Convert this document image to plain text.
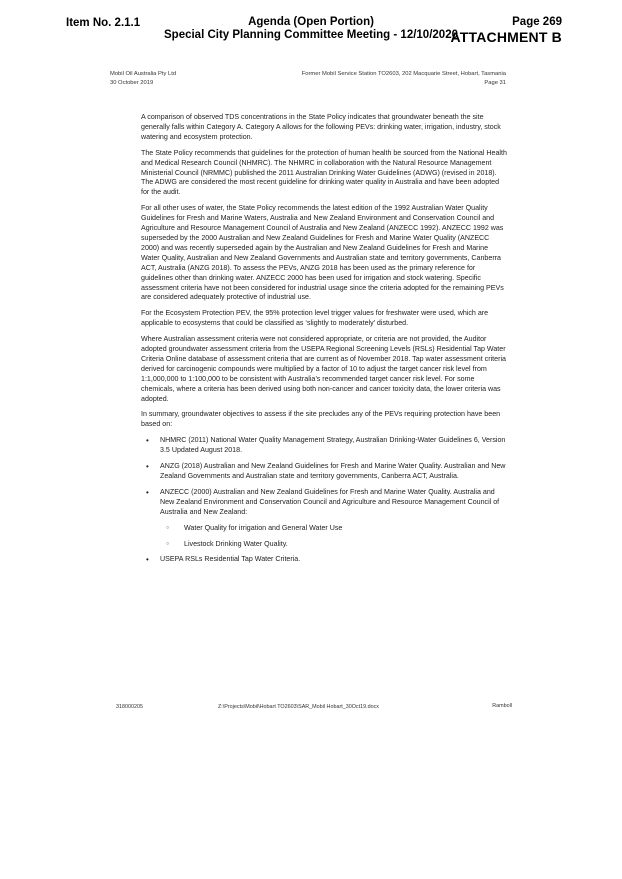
Item No. 2.1.1	Agenda (Open Portion)
Special City Planning Committee Meeting - 12/10/2020
Page 269
ATTACHMENT B
Mobil Oil Australia Pty Ltd
30 October 2019
Former Mobil Service Station TO2603, 202 Macquarie Street, Hobart, Tasmania
Page 31

A comparison of observed TDS concentrations in the State Policy indicates that groundwater beneath the site generally falls within Category A. Category A allows for the following PEVs: drinking water, irrigation, industry, stock watering and ecosystem protection.

The State Policy recommends that guidelines for the protection of human health be sourced from the National Health and Medical Research Council (NHMRC). The NHMRC in collaboration with the Natural Resource Management Ministerial Council (NRMMC) published the 2011 Australian Drinking Water Guidelines (ADWG) (revised in 2018). The ADWG are considered the most recent guideline for drinking water quality in Australia and have been adopted for the audit.

For all other uses of water, the State Policy recommends the latest edition of the 1992 Australian Water Quality Guidelines for Fresh and Marine Waters, Australia and New Zealand Environment and Conservation Council and Agriculture and Resource Management Council of Australia and New Zealand (ANZECC 1992). ANZECC 1992 was superseded by the 2000 Australian and New Zealand Guidelines for Fresh and Marine Water Quality (ANZECC 2000) and was recently superseded again by the Australian and New Zealand Guidelines for Fresh and Marine Water Quality, Australian and New Zealand Governments and Australian state and territory governments, Canberra ACT, Australia (ANZG 2018). To assess the PEVs, ANZG 2018 has been used as the primary reference for guidelines other than drinking water. ANZECC 2000 has been used for irrigation and stock watering. Specific assessment criteria have not been considered for industrial usage since the criteria adopted for the remaining PEVs are considered adequately protective of industrial use.

For the Ecosystem Protection PEV, the 95% protection level trigger values for freshwater were used, which are applicable to ecosystems that could be classified as ‘slightly to moderately’ disturbed.

Where Australian assessment criteria were not considered appropriate, or criteria are not provided, the Auditor adopted groundwater assessment criteria from the USEPA Regional Screening Levels (RSLs) Residential Tap Water Criteria Online database of assessment criteria that are current as of November 2018. Tap water assessment criteria derived for carcinogenic compounds were multiplied by a factor of 10 to adjust the target cancer risk level from 1:1,000,000 to 1:100,000 to be consistent with Australia’s recommended target cancer risk level. For some chemicals, where a criteria has been derived using both non-cancer and cancer toxicity data, the lower criteria was adopted.

In summary, groundwater objectives to assess if the site precludes any of the PEVs requiring protection have been based on:

• NHMRC (2011) National Water Quality Management Strategy, Australian Drinking-Water Guidelines 6, Version 3.5 Updated August 2018.
• ANZG (2018) Australian and New Zealand Guidelines for Fresh and Marine Water Quality. Australian and New Zealand Governments and Australian state and territory governments, Canberra ACT, Australia.
• ANZECC (2000) Australian and New Zealand Guidelines for Fresh and Marine Water Quality. Australia and New Zealand Environment and Conservation Council and Agriculture and Resource Management Council of Australia and New Zealand:
○ Water Quality for irrigation and General Water Use
○ Livestock Drinking Water Quality.
• USEPA RSLs Residential Tap Water Criteria.
318000205	Z:\Projects\Mobil\Hobart TO2603\SAR_Mobil Hobart_30Oct19.docx	Ramboll
